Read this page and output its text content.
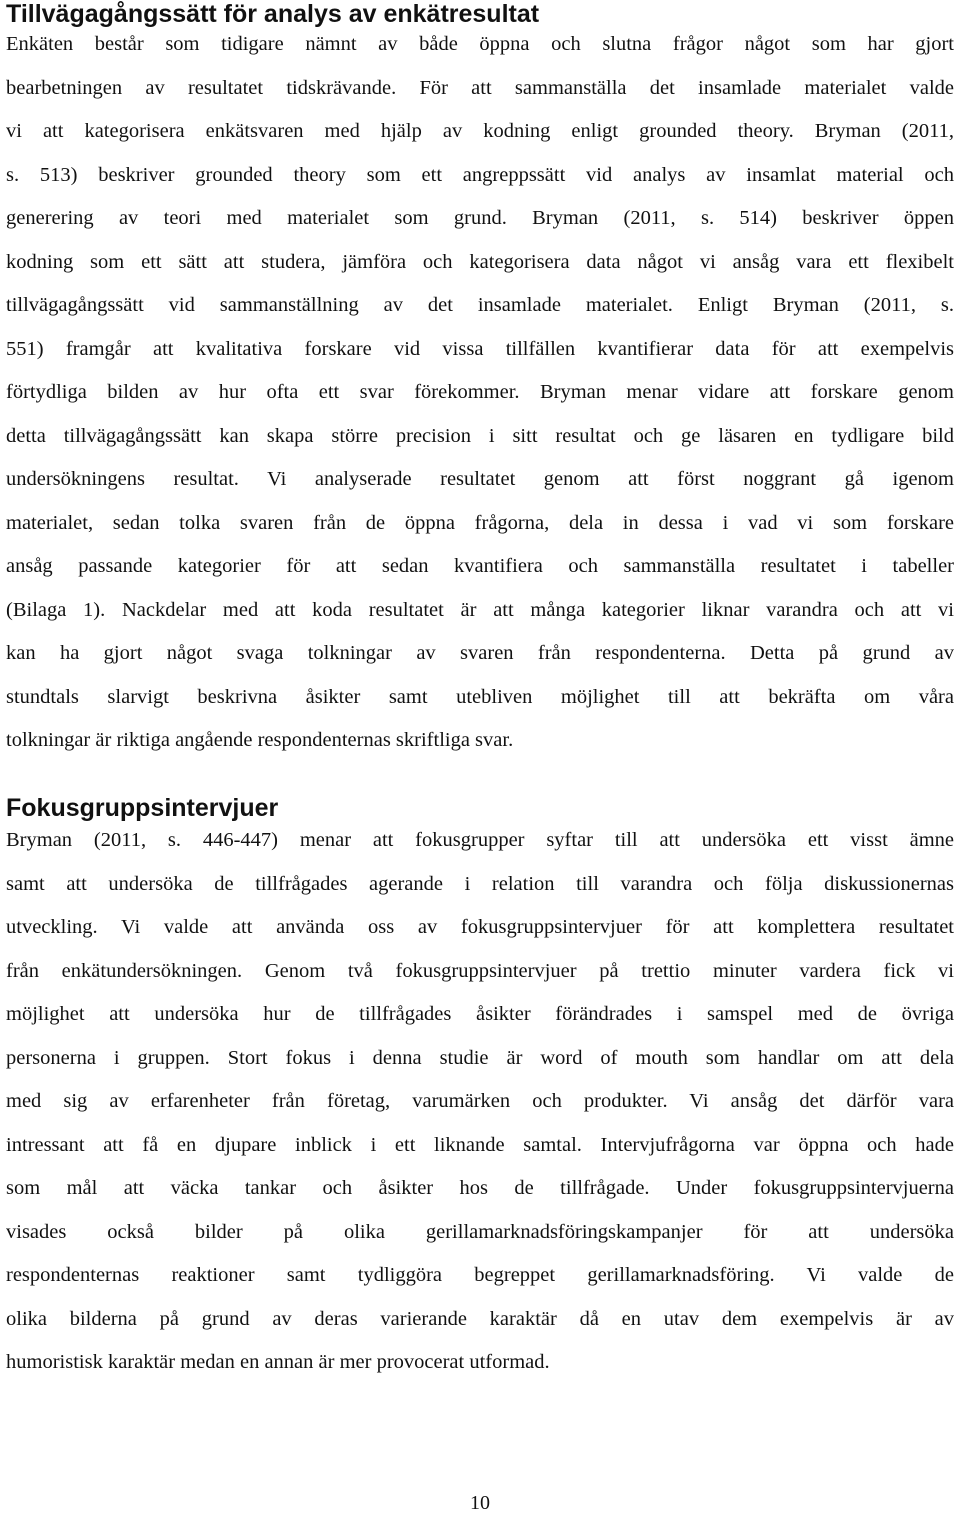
Tillvägagångssätt för analys av enkätresultat
Enkäten består som tidigare nämnt av både öppna och slutna frågor något som har gjort
bearbetningen av resultatet tidskrävande. För att sammanställa det insamlade materialet valde
vi att kategorisera enkätsvaren med hjälp av kodning enligt grounded theory. Bryman (2011,
s. 513) beskriver grounded theory som ett angreppssätt vid analys av insamlat material och
generering av teori med materialet som grund. Bryman (2011, s. 514) beskriver öppen
kodning som ett sätt att studera, jämföra och kategorisera data något vi ansåg vara ett flexibelt
tillvägagångssätt vid sammanställning av det insamlade materialet. Enligt Bryman (2011, s.
551) framgår att kvalitativa forskare vid vissa tillfällen kvantifierar data för att exempelvis
förtydliga bilden av hur ofta ett svar förekommer. Bryman menar vidare att forskare genom
detta tillvägagångssätt kan skapa större precision i sitt resultat och ge läsaren en tydligare bild
undersökningens resultat. Vi analyserade resultatet genom att först noggrant gå igenom
materialet, sedan tolka svaren från de öppna frågorna, dela in dessa i vad vi som forskare
ansåg passande kategorier för att sedan kvantifiera och sammanställa resultatet i tabeller
(Bilaga 1). Nackdelar med att koda resultatet är att många kategorier liknar varandra och att vi
kan ha gjort något svaga tolkningar av svaren från respondenterna. Detta på grund av
stundtals slarvigt beskrivna åsikter samt utebliven möjlighet till att bekräfta om våra
tolkningar är riktiga angående respondenternas skriftliga svar.
Fokusgruppsintervjuer
Bryman (2011, s. 446-447) menar att fokusgrupper syftar till att undersöka ett visst ämne
samt att undersöka de tillfrågades agerande i relation till varandra och följa diskussionernas
utveckling. Vi valde att använda oss av fokusgruppsintervjuer för att komplettera resultatet
från enkätundersökningen. Genom två fokusgruppsintervjuer på trettio minuter vardera fick vi
möjlighet att undersöka hur de tillfrågades åsikter förändrades i samspel med de övriga
personerna i gruppen. Stort fokus i denna studie är word of mouth som handlar om att dela
med sig av erfarenheter från företag, varumärken och produkter. Vi ansåg det därför vara
intressant att få en djupare inblick i ett liknande samtal. Intervjufrågorna var öppna och hade
som mål att väcka tankar och åsikter hos de tillfrågade. Under fokusgruppsintervjuerna
visades också bilder på olika gerillamarknadsföringskampanjer för att undersöka
respondenternas reaktioner samt tydliggöra begreppet gerillamarknadsföring. Vi valde de
olika bilderna på grund av deras varierande karaktär då en utav dem exempelvis är av
humoristisk karaktär medan en annan är mer provocerat utformad.

10
